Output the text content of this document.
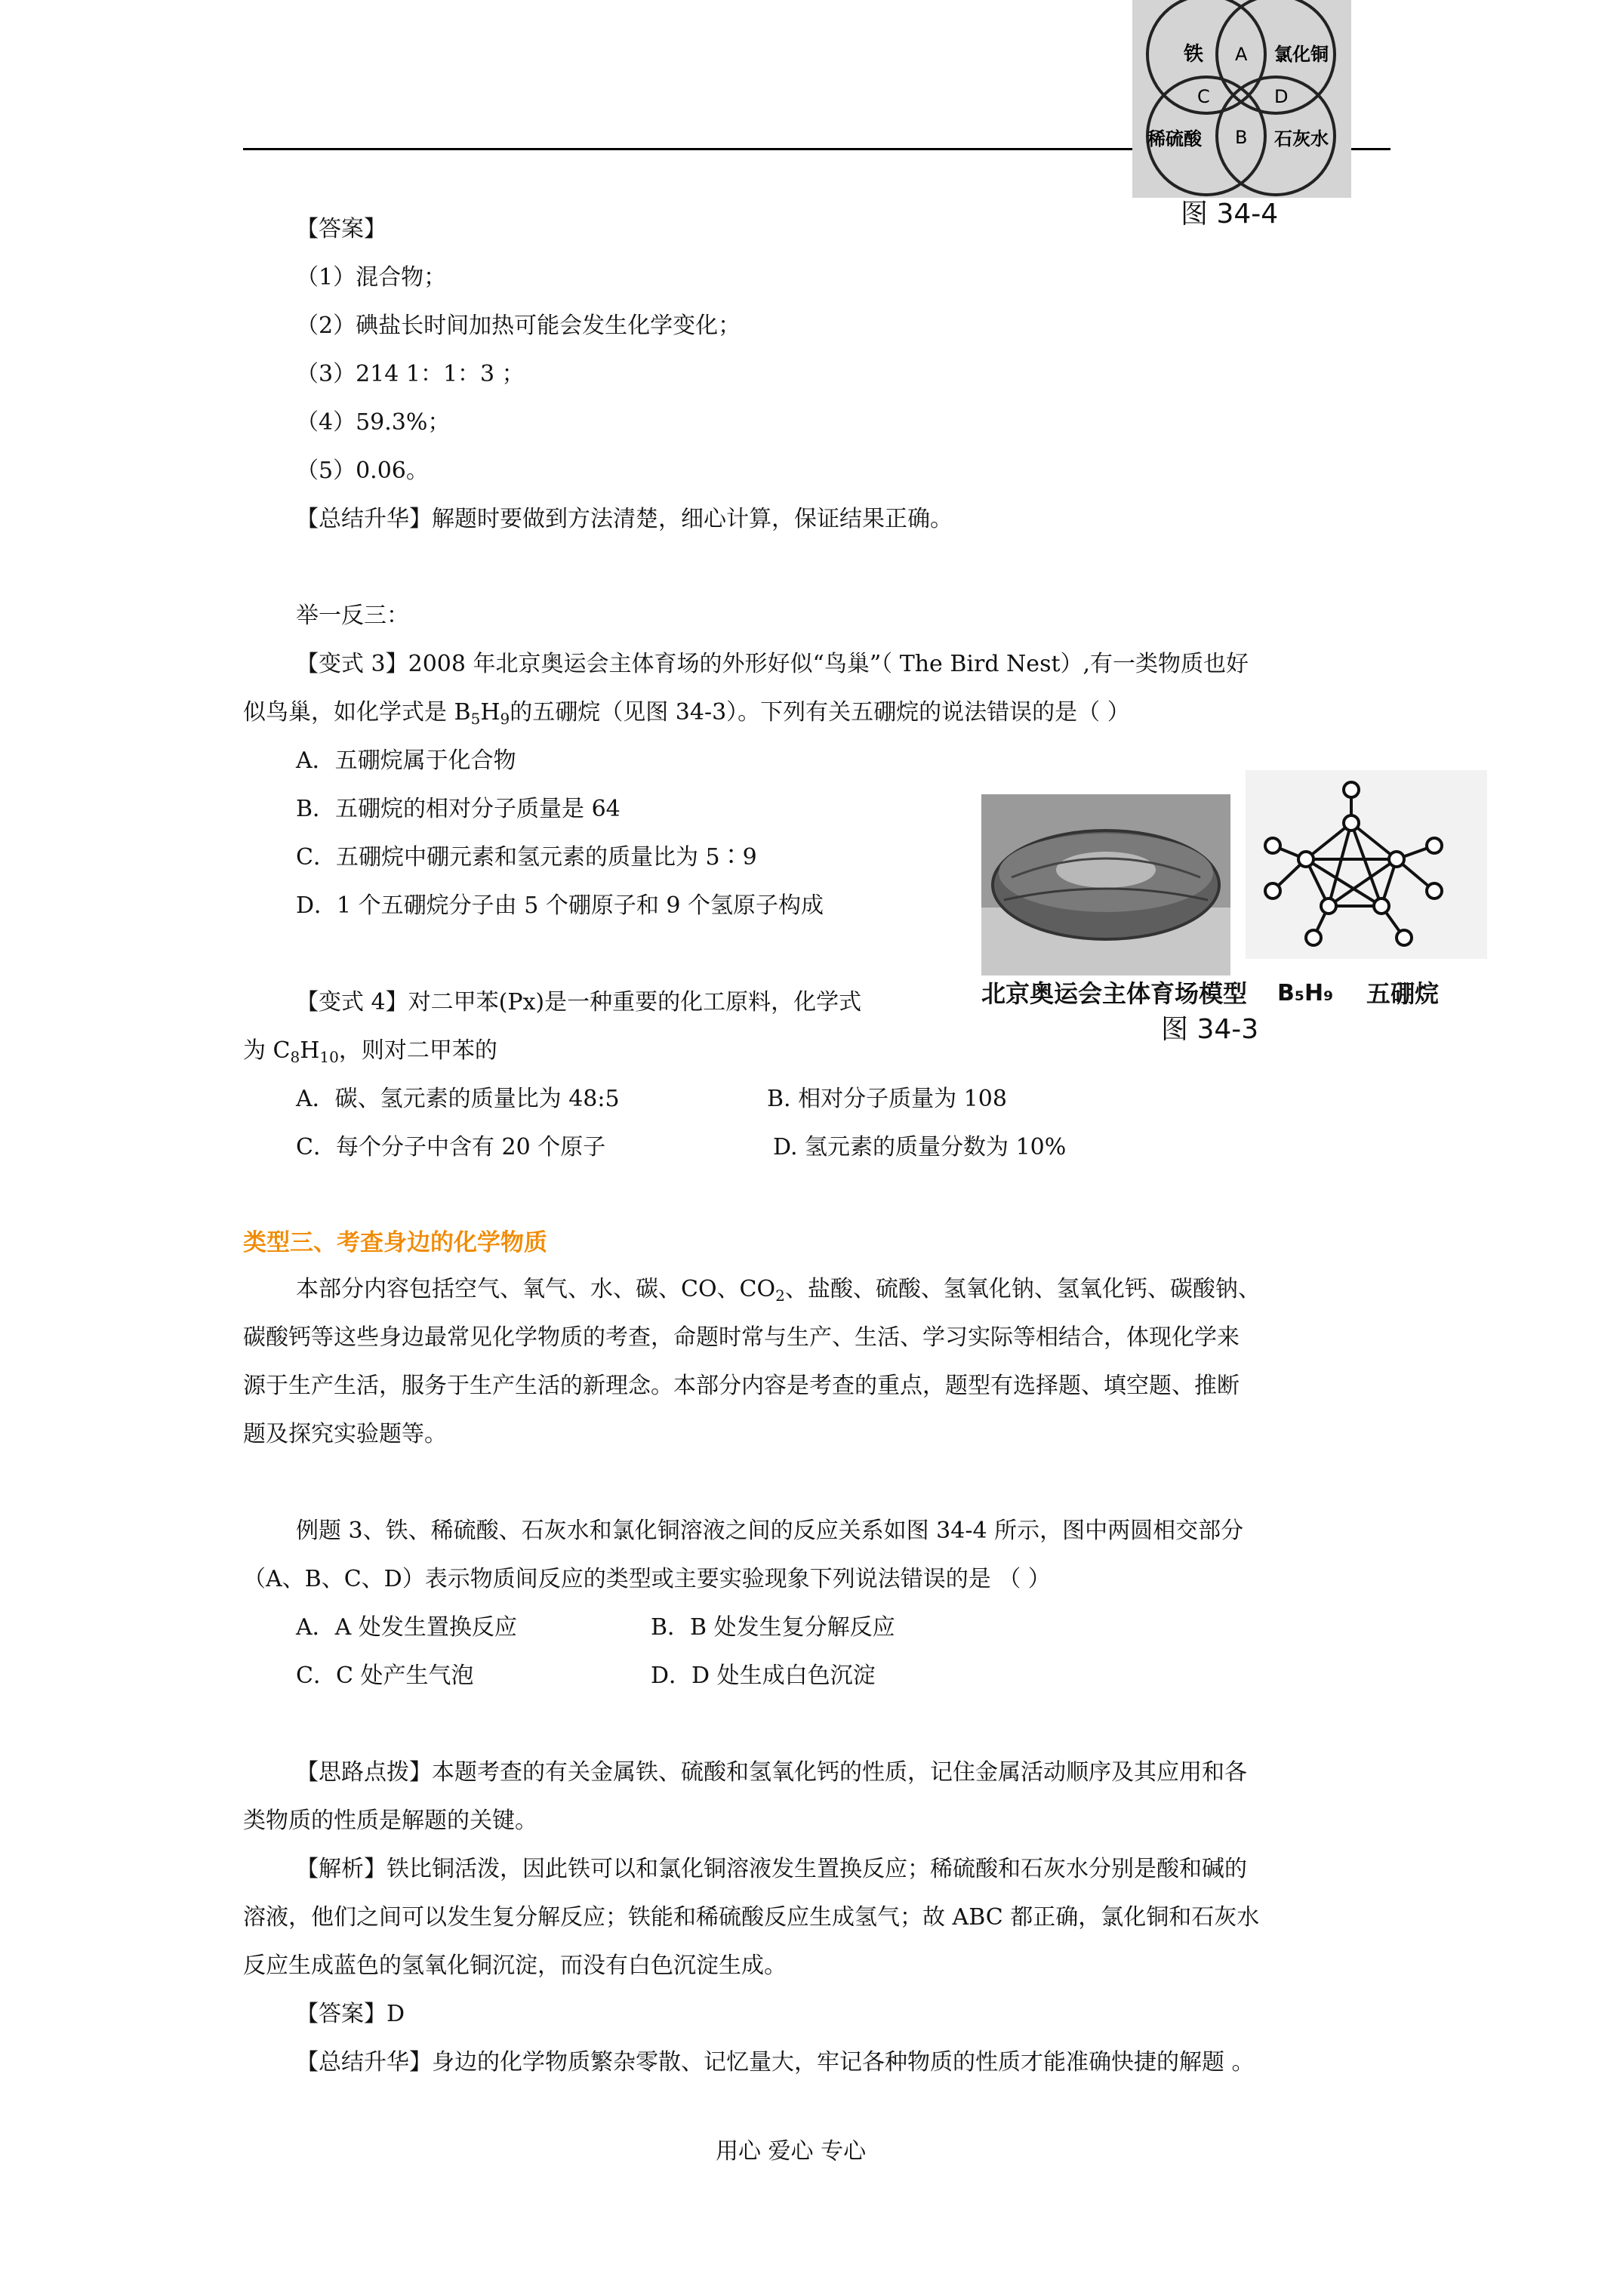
铁	氯化铜
稀硫酸	石灰水
A
B
C	D
图 34-4
【答案】
（1）混合物；
（2）碘盐长时间加热可能会发生化学变化；
（3）214 1：1：3 ；
（4）59.3%；
（5）0.06。
【总结升华】解题时要做到方法清楚，细心计算，保证结果正确。
举一反三：
【变式 3】2008 年北京奥运会主体育场的外形好似“鸟巢”（ The Bird Nest）,有一类物质也好
似鸟巢，如化学式是 $B_5H_9$的五硼烷（见图 34-3）。下列有关五硼烷的说法错误的是（ ）
A．五硼烷属于化合物
B．五硼烷的相对分子质量是 64
C．五硼烷中硼元素和氢元素的质量比为 5∶9
D．1 个五硼烷分子由 5 个硼原子和 9 个氢原子构成
北京奥运会主体育场模型 B₅H₉ 五硼烷
图 34-3
【变式 4】对二甲苯(Px)是一种重要的化工原料，化学式
为 $C_8H_{10}$，则对二甲苯的
A．碳、氢元素的质量比为 48:5	B. 相对分子质量为 108
C．每个分子中含有 20 个原子	D. 氢元素的质量分数为 10%
类型三、考查身边的化学物质
本部分内容包括空气、氧气、水、碳、CO、$CO_2$、盐酸、硫酸、氢氧化钠、氢氧化钙、碳酸钠、
碳酸钙等这些身边最常见化学物质的考查，命题时常与生产、生活、学习实际等相结合，体现化学来
源于生产生活，服务于生产生活的新理念。本部分内容是考查的重点，题型有选择题、填空题、推断
题及探究实验题等。
例题 3、铁、稀硫酸、石灰水和氯化铜溶液之间的反应关系如图 34-4 所示，图中两圆相交部分
（A、B、C、D）表示物质间反应的类型或主要实验现象下列说法错误的是 （ ）
A．A 处发生置换反应	B．B 处发生复分解反应
C．C 处产生气泡	D．D 处生成白色沉淀
【思路点拨】本题考查的有关金属铁、硫酸和氢氧化钙的性质，记住金属活动顺序及其应用和各
类物质的性质是解题的关键。
【解析】铁比铜活泼，因此铁可以和氯化铜溶液发生置换反应；稀硫酸和石灰水分别是酸和碱的
溶液，他们之间可以发生复分解反应；铁能和稀硫酸反应生成氢气；故 ABC 都正确，氯化铜和石灰水
反应生成蓝色的氢氧化铜沉淀，而没有白色沉淀生成。
【答案】D
【总结升华】身边的化学物质繁杂零散、记忆量大，牢记各种物质的性质才能准确快捷的解题 。
用心 爱心 专心
